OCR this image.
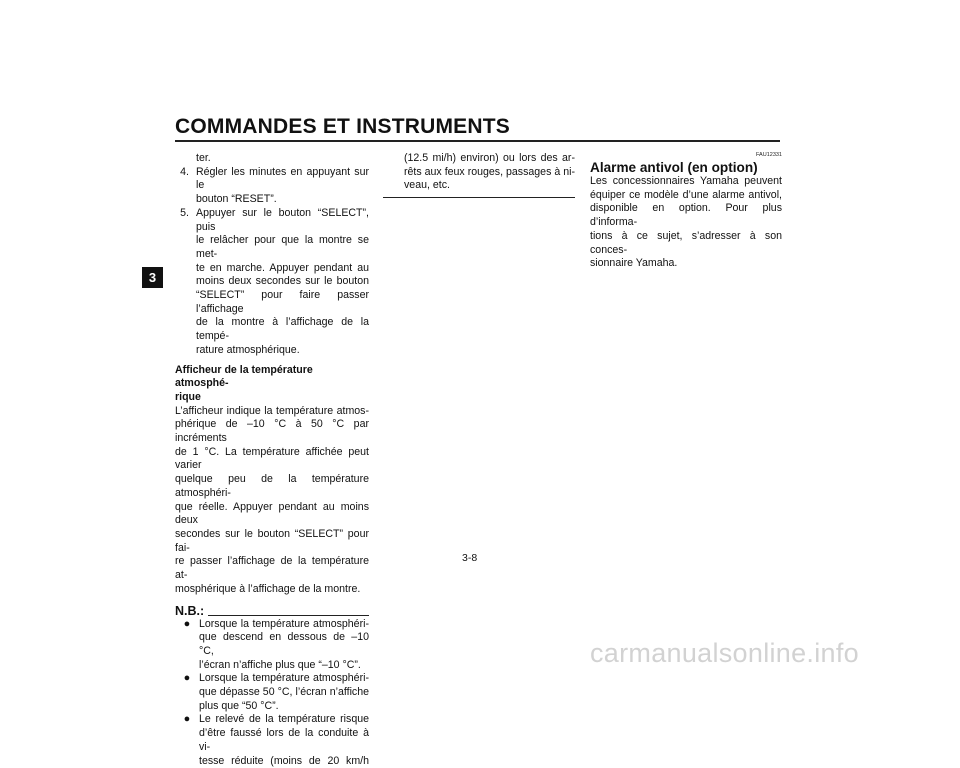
COMMANDES ET INSTRUMENTS
3
ter.
4. Régler les minutes en appuyant sur le
bouton “RESET”.
5. Appuyer sur le bouton “SELECT”, puis
le relâcher pour que la montre se met-
te en marche. Appuyer pendant au
moins deux secondes sur le bouton
“SELECT” pour faire passer l’affichage
de la montre à l’affichage de la tempé-
rature atmosphérique.
Afficheur de la température atmosphé-
rique
L’afficheur indique la température atmos-
phérique de –10 °C à 50 °C par incréments
de 1 °C. La température affichée peut varier
quelque peu de la température atmosphéri-
que réelle. Appuyer pendant au moins deux
secondes sur le bouton “SELECT” pour fai-
re passer l’affichage de la température at-
mosphérique à l’affichage de la montre.
N.B.:
● Lorsque la température atmosphéri-
que descend en dessous de –10 °C,
l’écran n’affiche plus que “–10 °C”.
● Lorsque la température atmosphéri-
que dépasse 50 °C, l’écran n’affiche
plus que “50 °C”.
● Le relevé de la température risque
d’être faussé lors de la conduite à vi-
tesse réduite (moins de 20 km/h
(12.5 mi/h) environ) ou lors des ar-
rêts aux feux rouges, passages à ni-
veau, etc.
FAU12331
Alarme antivol (en option)
Les concessionnaires Yamaha peuvent
équiper ce modèle d’une alarme antivol,
disponible en option. Pour plus d’informa-
tions à ce sujet, s’adresser à son conces-
sionnaire Yamaha.
3-8
carmanualsonline.info
